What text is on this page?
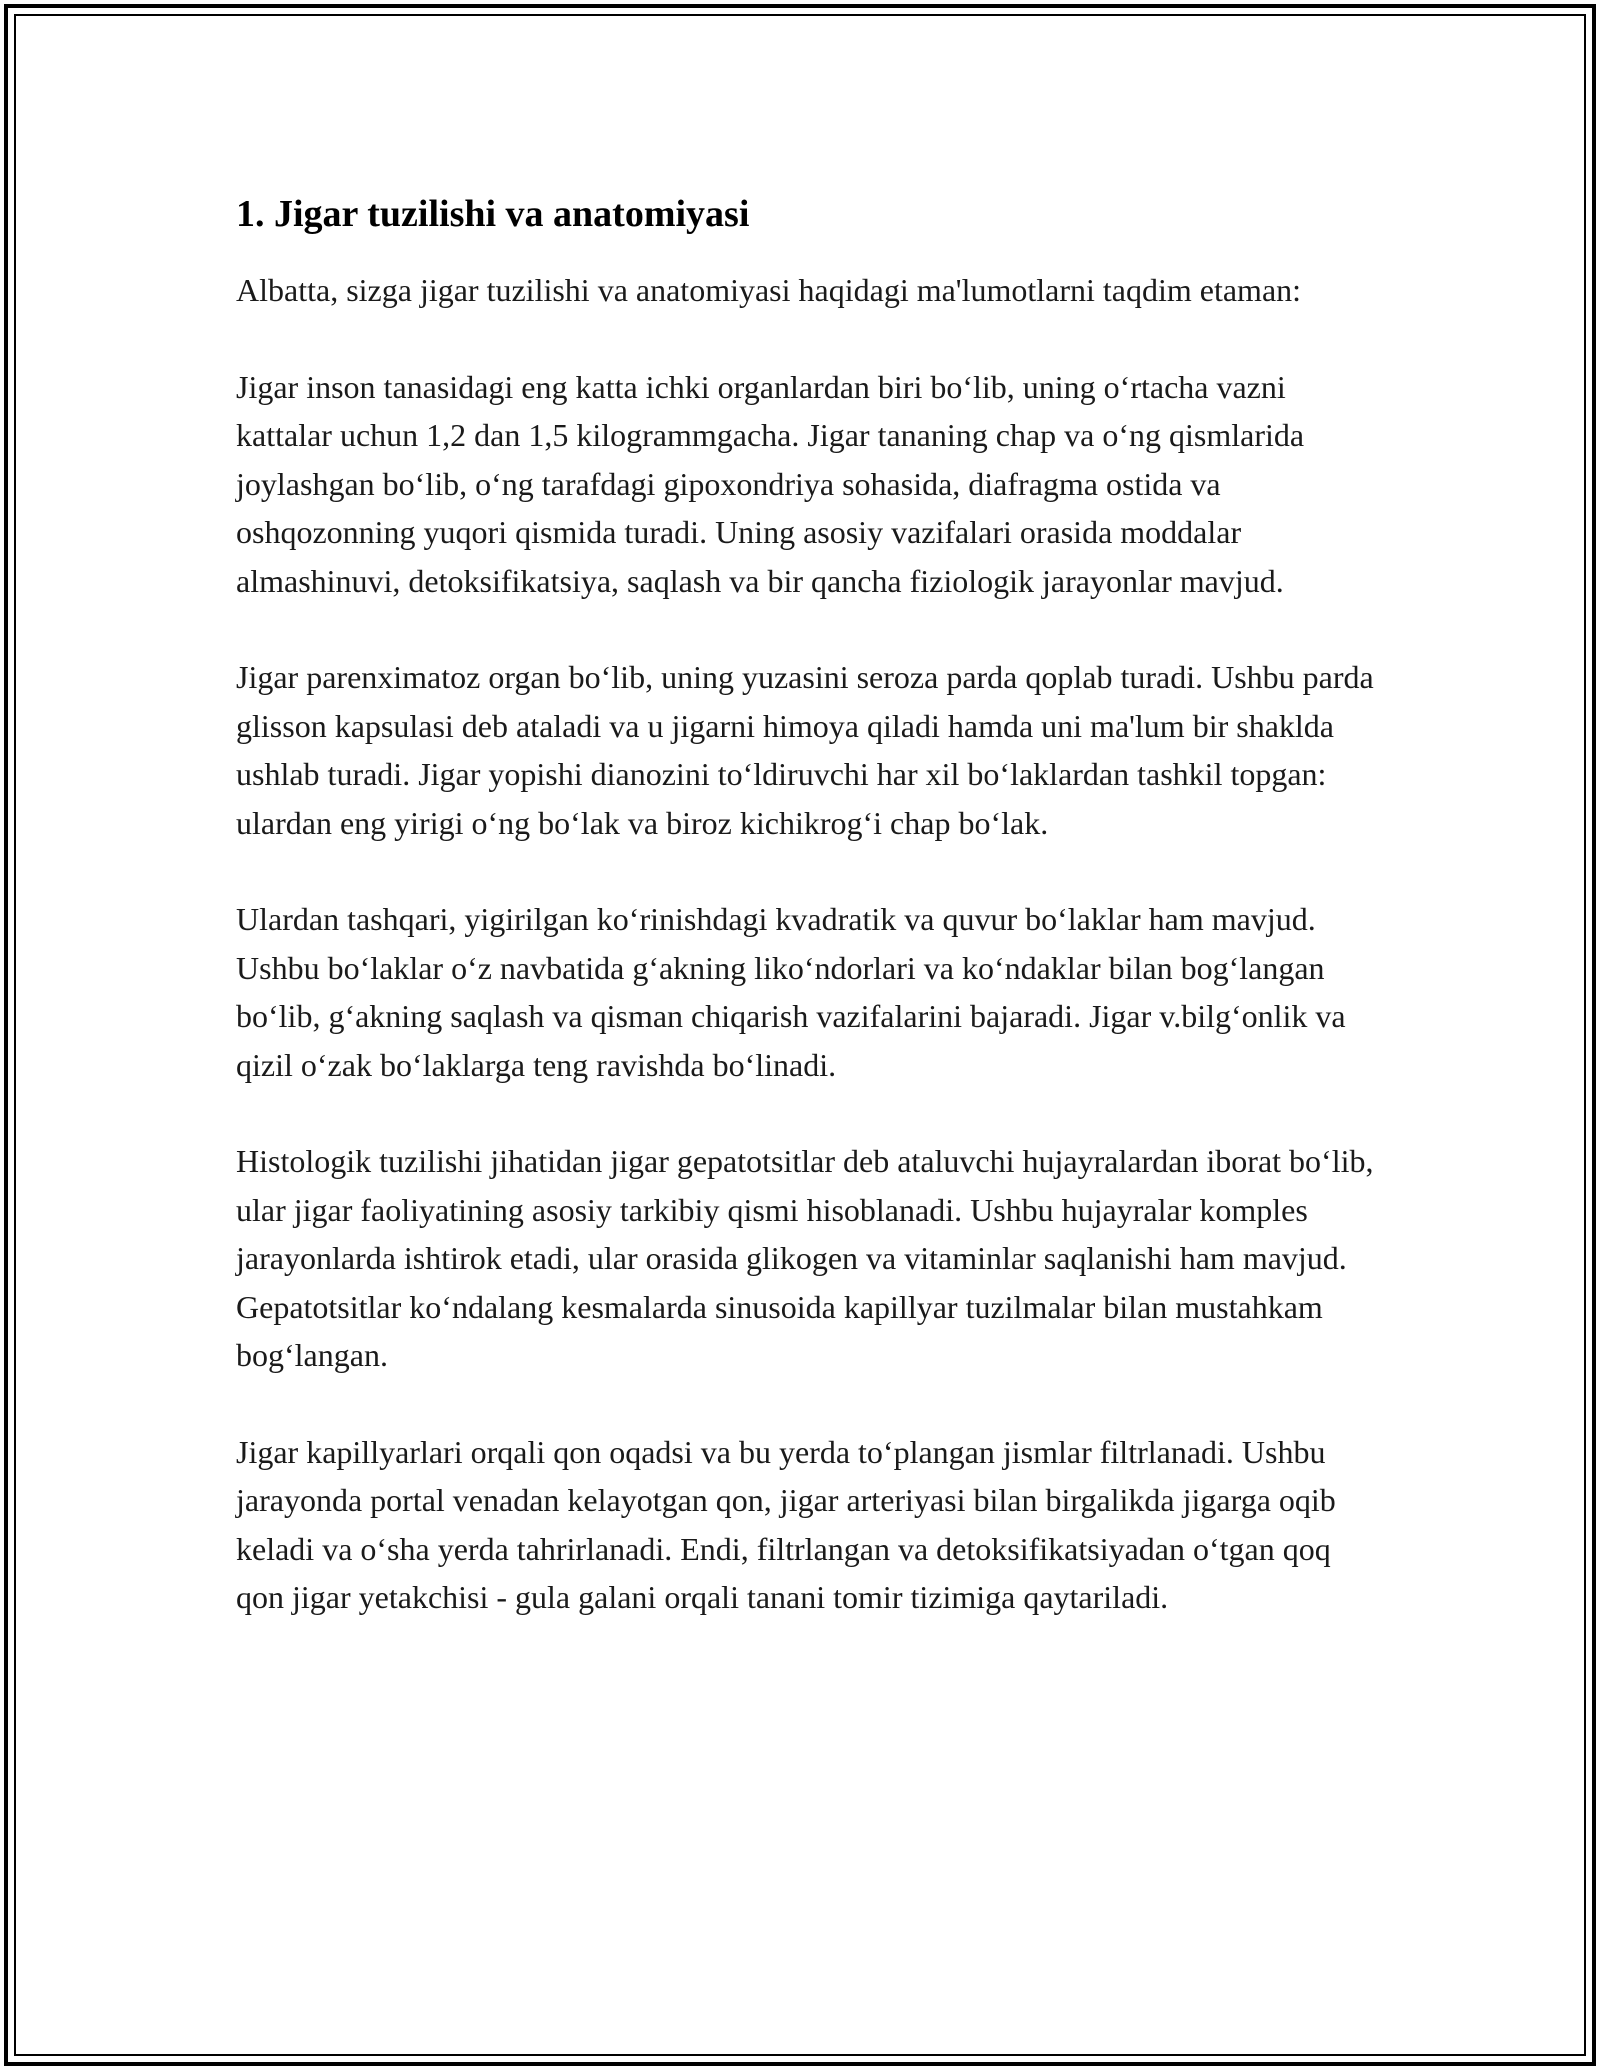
1. Jigar tuzilishi va anatomiyasi

Albatta, sizga jigar tuzilishi va anatomiyasi haqidagi ma'lumotlarni taqdim etaman:

Jigar inson tanasidagi eng katta ichki organlardan biri bo‘lib, uning o‘rtacha vazni kattalar uchun 1,2 dan 1,5 kilogrammgacha. Jigar tananing chap va o‘ng qismlarida joylashgan bo‘lib, o‘ng tarafdagi gipoxondriya sohasida, diafragma ostida va oshqozonning yuqori qismida turadi. Uning asosiy vazifalari orasida moddalar almashinuvi, detoksifikatsiya, saqlash va bir qancha fiziologik jarayonlar mavjud.

Jigar parenximatoz organ bo‘lib, uning yuzasini seroza parda qoplab turadi. Ushbu parda glisson kapsulasi deb ataladi va u jigarni himoya qiladi hamda uni ma'lum bir shaklda ushlab turadi. Jigar yopishi dianozini to‘ldiruvchi har xil bo‘laklardan tashkil topgan: ulardan eng yirigi o‘ng bo‘lak va biroz kichikrog‘i chap bo‘lak.

Ulardan tashqari, yigirilgan ko‘rinishdagi kvadratik va quvur bo‘laklar ham mavjud. Ushbu bo‘laklar o‘z navbatida g‘akning liko‘ndorlari va ko‘ndaklar bilan bog‘langan bo‘lib, g‘akning saqlash va qisman chiqarish vazifalarini bajaradi. Jigar v.bilg‘onlik va qizil o‘zak bo‘laklarga teng ravishda bo‘linadi.

Histologik tuzilishi jihatidan jigar gepatotsitlar deb ataluvchi hujayralardan iborat bo‘lib, ular jigar faoliyatining asosiy tarkibiy qismi hisoblanadi. Ushbu hujayralar komples jarayonlarda ishtirok etadi, ular orasida glikogen va vitaminlar saqlanishi ham mavjud. Gepatotsitlar ko‘ndalang kesmalarda sinusoida kapillyar tuzilmalar bilan mustahkam bog‘langan.

Jigar kapillyarlari orqali qon oqadsi va bu yerda to‘plangan jismlar filtrlanadi. Ushbu jarayonda portal venadan kelayotgan qon, jigar arteriyasi bilan birgalikda jigarga oqib keladi va o‘sha yerda tahrirlanadi. Endi, filtrlangan va detoksifikatsiyadan o‘tgan qoq qon jigar yetakchisi - gula galani orqali tanani tomir tizimiga qaytariladi.
